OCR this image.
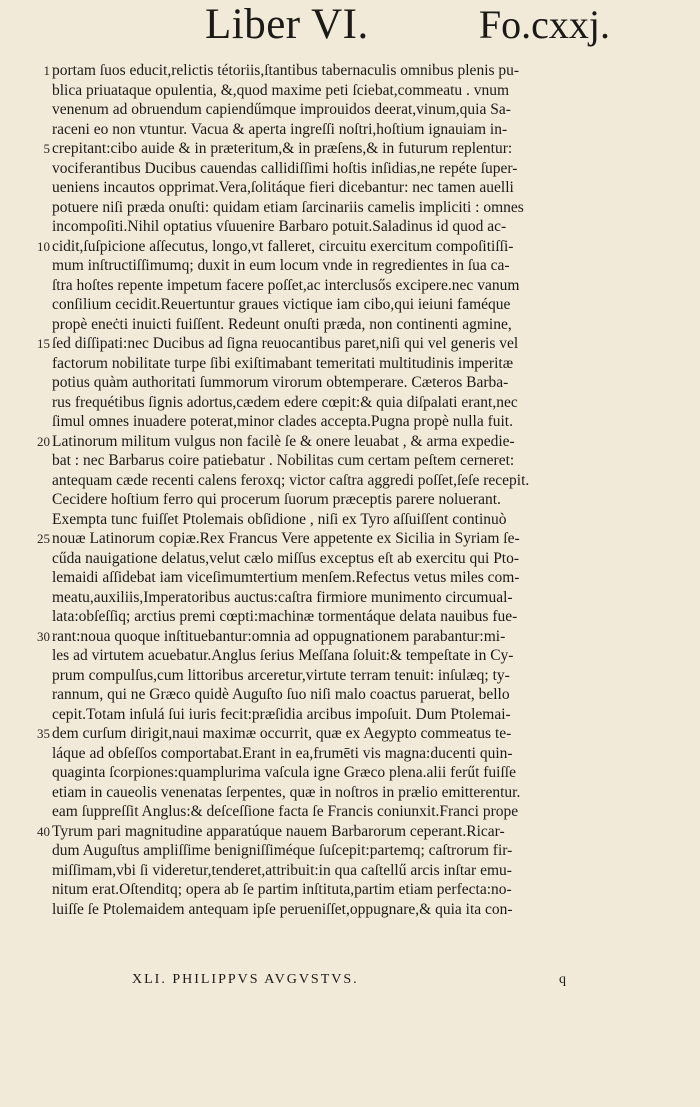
Liber VI.	Fo.cxxj.
1 portam ſuos educit,relictis tétoriis,ſtantibus tabernaculis omnibus plenis pu-
blica priuataque opulentia, &,quod maxime peti ſciebat,commeatu . vnum
venenum ad obruendum capiendűmque improuidos deerat,vinum,quia Sa-
raceni eo non vtuntur. Vacua & aperta ingreſſi noſtri,hoſtium ignauiam in-
5 crepitant:cibo auide & in præteritum,& in præſens,& in futurum replentur:
vociferantibus Ducibus cauendas callidiſſimi hoſtis inſidias,ne repéte ſuper-
ueniens incautos opprimat.Vera,ſolitáque fieri dicebantur: nec tamen auelli
potuere niſi præda onuſti: quidam etiam ſarcinariis camelis impliciti : omnes
incompoſiti.Nihil optatius vſuuenire Barbaro potuit.Saladinus id quod ac-
10 cidit,ſuſpicione aſſecutus, longo,vt falleret, circuitu exercitum compoſitiſſi-
mum inſtructiſſimumq; duxit in eum locum vnde in regredientes in ſua ca-
ſtra hoſtes repente impetum facere poſſet,ac interclusős excipere.nec vanum
conſilium cecidit.Reuertuntur graues victique iam cibo,qui ieiuni faméque
propè eneċti inuicti fuiſſent. Redeunt onuſti præda, non continenti agmine,
15 ſed diſſipati:nec Ducibus ad ſigna reuocantibus paret,niſi qui vel generis vel
factorum nobilitate turpe ſibi exiſtimabant temeritati multitudinis imperitæ
potius quàm authoritati ſummorum virorum obtemperare. Cæteros Barba-
rus frequétibus ſignis adortus,cædem edere cœpit:& quia diſpalati erant,nec
ſimul omnes inuadere poterat,minor clades accepta.Pugna propè nulla fuit.
20 Latinorum militum vulgus non facilè ſe & onere leuabat , & arma expedie-
bat : nec Barbarus coire patiebatur . Nobilitas cum certam peſtem cerneret:
antequam cæde recenti calens feroxq; victor caſtra aggredi poſſet,ſeſe recepit.
Cecidere hoſtium ferro qui procerum ſuorum præceptis parere noluerant.
Exempta tunc fuiſſet Ptolemais obſidione , niſi ex Tyro aſſuiſſent continuò
25 nouæ Latinorum copiæ.Rex Francus Vere appetente ex Sicilia in Syriam ſe-
cűda nauigatione delatus,velut cælo miſſus exceptus eſt ab exercitu qui Pto-
lemaidi aſſidebat iam viceſimumtertium menſem.Refectus vetus miles com-
meatu,auxiliis,Imperatoribus auctus:caſtra firmiore munimento circumual-
lata:obſeſſiq; arctius premi cœpti:machinæ tormentáque delata nauibus fue-
30 rant:noua quoque inſtituebantur:omnia ad oppugnationem parabantur:mi-
les ad virtutem acuebatur.Anglus ſerius Meſſana ſoluit:& tempeſtate in Cy-
prum compulſus,cum littoribus arceretur,virtute terram tenuit: inſulæq; ty-
rannum, qui ne Græco quidè Auguſto ſuo niſi malo coactus paruerat, bello
cepit.Totam inſulá ſui iuris fecit:præſidia arcibus impoſuit. Dum Ptolemai-
35 dem curſum dirigit,naui maximæ occurrit, quæ ex Aegypto commeatus te-
láque ad obſeſſos comportabat.Erant in ea,frumēti vis magna:ducenti quin-
quaginta ſcorpiones:quamplurima vaſcula igne Græco plena.alii ferűt fuiſſe
etiam in caueolis venenatas ſerpentes, quæ in noſtros in prælio emitterentur.
eam ſuppreſſit Anglus:& deſceſſione facta ſe Francis coniunxit.Franci prope
40 Tyrum pari magnitudine apparatúque nauem Barbarorum ceperant.Ricar-
dum Auguſtus ampliſſime benigniſſiméque ſuſcepit:partemq; caſtrorum fir-
miſſimam,vbi ſi videretur,tenderet,attribuit:in qua caſtellű arcis inſtar emu-
nitum erat.Oſtenditq; opera ab ſe partim inſtituta,partim etiam perfecta:no-
luiſſe ſe Ptolemaidem antequam ipſe perueniſſet,oppugnare,& quia ita con-
XLI. PHILIPPVS AVGVSTVS.	q
